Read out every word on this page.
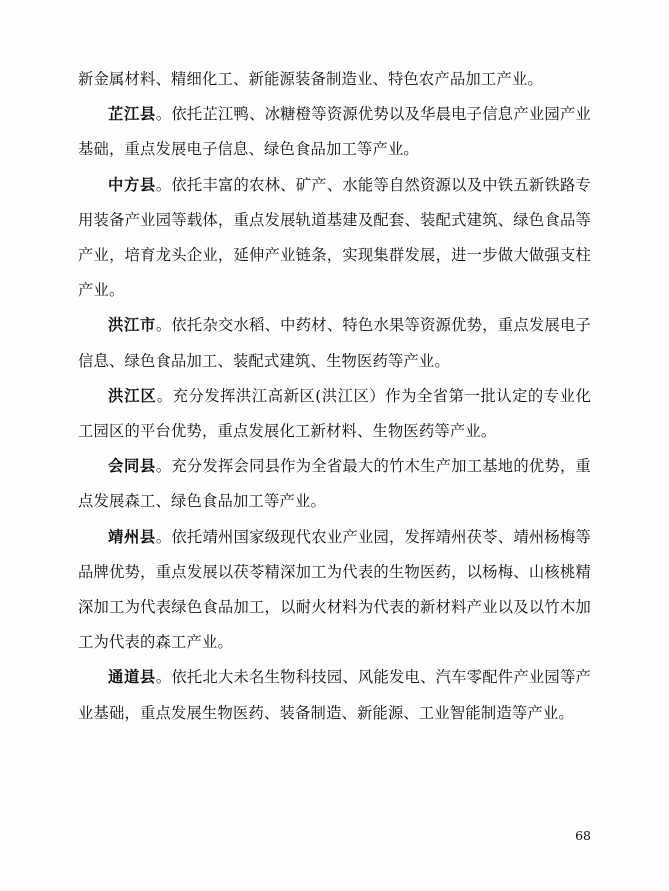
新金属材料、精细化工、新能源装备制造业、特色农产品加工产业。

芷江县。依托芷江鸭、冰糖橙等资源优势以及华晨电子信息产业园产业基础，重点发展电子信息、绿色食品加工等产业。

中方县。依托丰富的农林、矿产、水能等自然资源以及中铁五新铁路专用装备产业园等载体，重点发展轨道基建及配套、装配式建筑、绿色食品等产业，培育龙头企业，延伸产业链条，实现集群发展，进一步做大做强支柱产业。

洪江市。依托杂交水稻、中药材、特色水果等资源优势，重点发展电子信息、绿色食品加工、装配式建筑、生物医药等产业。

洪江区。充分发挥洪江高新区(洪江区）作为全省第一批认定的专业化工园区的平台优势，重点发展化工新材料、生物医药等产业。

会同县。充分发挥会同县作为全省最大的竹木生产加工基地的优势，重点发展森工、绿色食品加工等产业。

靖州县。依托靖州国家级现代农业产业园，发挥靖州茯苓、靖州杨梅等品牌优势，重点发展以茯苓精深加工为代表的生物医药，以杨梅、山核桃精深加工为代表绿色食品加工，以耐火材料为代表的新材料产业以及以竹木加工为代表的森工产业。

通道县。依托北大未名生物科技园、风能发电、汽车零配件产业园等产业基础，重点发展生物医药、装备制造、新能源、工业智能制造等产业。

68
